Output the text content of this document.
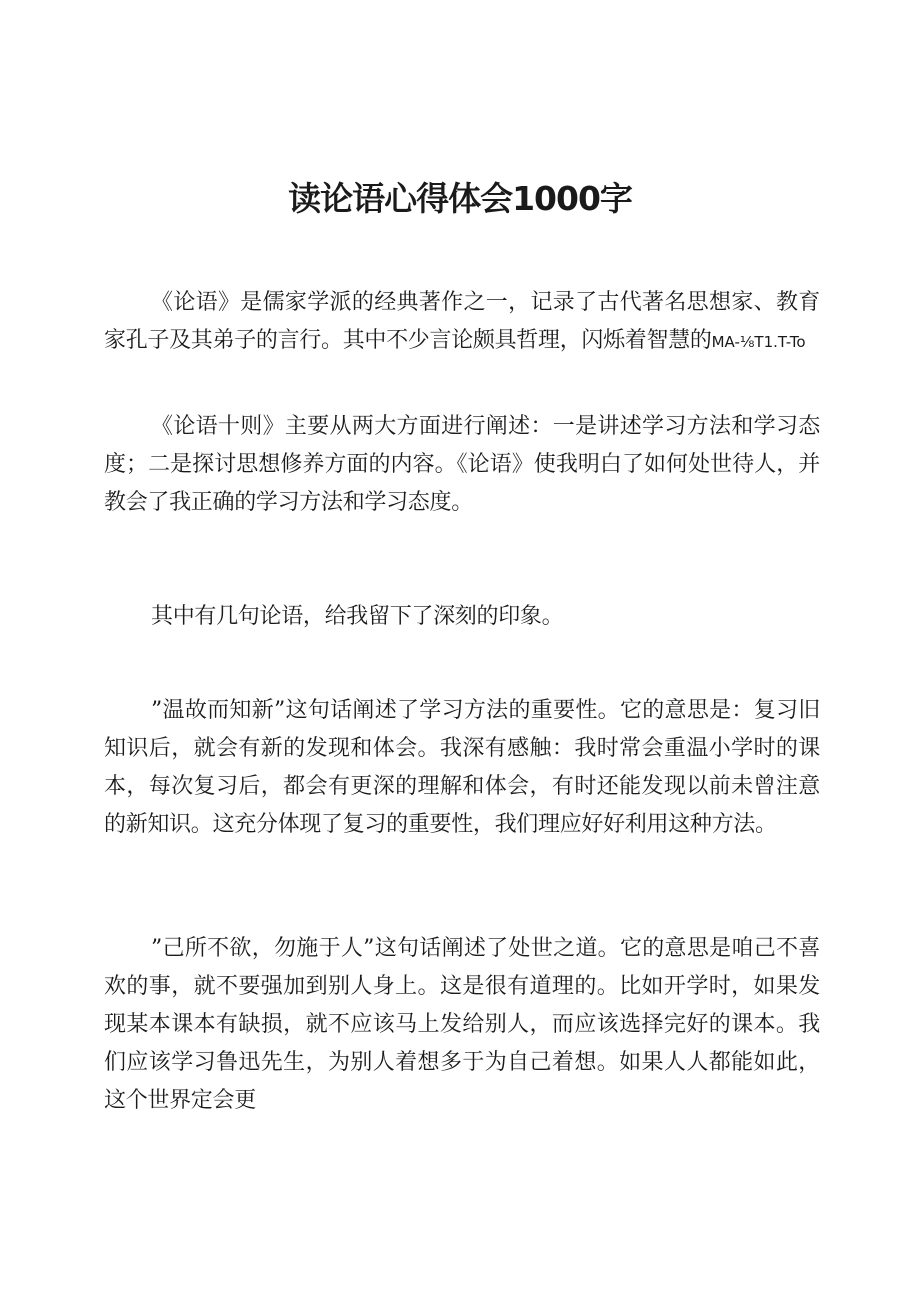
读论语心得体会1000字

《论语》是儒家学派的经典著作之一，记录了古代著名思想家、教育家孔子及其弟子的言行。其中不少言论颇具哲理，闪烁着智慧的MA-⅛T1.T-To

《论语十则》主要从两大方面进行阐述：一是讲述学习方法和学习态度；二是探讨思想修养方面的内容。《论语》使我明白了如何处世待人，并教会了我正确的学习方法和学习态度。

其中有几句论语，给我留下了深刻的印象。

”温故而知新”这句话阐述了学习方法的重要性。它的意思是：复习旧知识后，就会有新的发现和体会。我深有感触：我时常会重温小学时的课本，每次复习后，都会有更深的理解和体会，有时还能发现以前未曾注意的新知识。这充分体现了复习的重要性，我们理应好好利用这种方法。

”己所不欲，勿施于人”这句话阐述了处世之道。它的意思是咱己不喜欢的事，就不要强加到别人身上。这是很有道理的。比如开学时，如果发现某本课本有缺损，就不应该马上发给别人，而应该选择完好的课本。我们应该学习鲁迅先生，为别人着想多于为自己着想。如果人人都能如此，这个世界定会更
